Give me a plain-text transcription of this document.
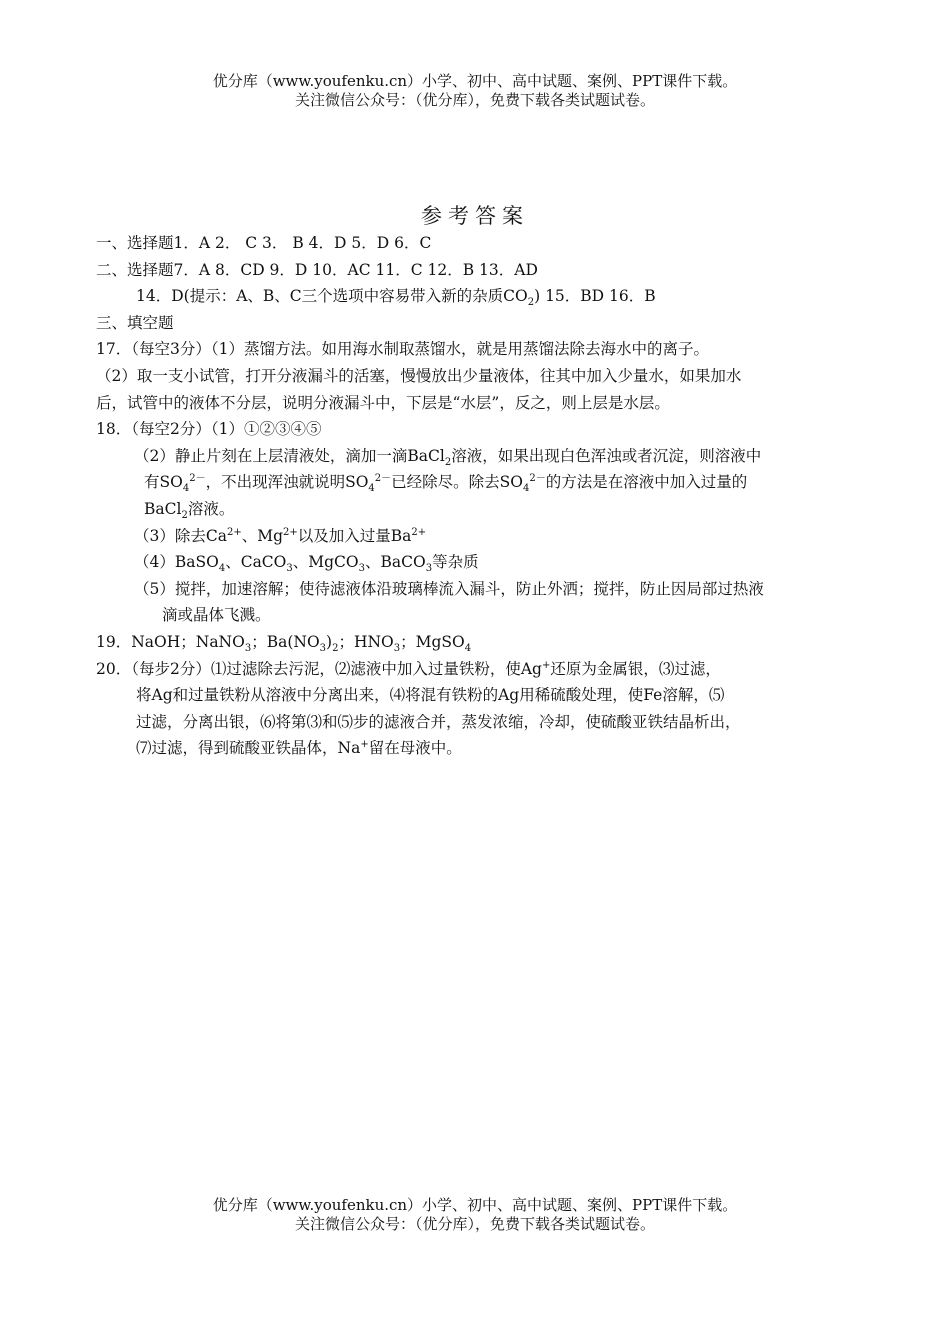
优分库（www.youfenku.cn）小学、初中、高中试题、案例、PPT课件下载。
关注微信公众号：（优分库），免费下载各类试题试卷。
参考答案
一、选择题1．A 2． C 3． B 4．D 5．D 6．C
二、选择题7．A 8．CD 9．D 10．AC 11．C 12．B 13．AD
14．D(提示：A、B、C三个选项中容易带入新的杂质$CO_2$) 15．BD 16．B
三、填空题
17．（每空3分）（1）蒸馏方法。如用海水制取蒸馏水，就是用蒸馏法除去海水中的离子。
（2）取一支小试管，打开分液漏斗的活塞，慢慢放出少量液体，往其中加入少量水，如果加水
后，试管中的液体不分层，说明分液漏斗中，下层是“水层”，反之，则上层是水层。
18．（每空2分）（1）①②③④⑤
（2）静止片刻在上层清液处，滴加一滴BaCl$_2$溶液，如果出现白色浑浊或者沉淀，则溶液中
有$SO_4^{2-}$，不出现浑浊就说明$SO_4^{2-}$已经除尽。除去$SO_4^{2-}$的方法是在溶液中加入过量的
BaCl$_2$溶液。
（3）除去$Ca^{2+}$、$Mg^{2+}$以及加入过量$Ba^{2+}$
（4）BaSO$_4$、CaCO$_3$、MgCO$_3$、BaCO$_3$等杂质
（5）搅拌，加速溶解；使待滤液体沿玻璃棒流入漏斗，防止外洒；搅拌，防止因局部过热液
滴或晶体飞溅。
19．NaOH；NaNO$_3$；$Ba(NO_3)_2$；$HNO_3$；MgSO$_4$
20．（每步2分）⑴过滤除去污泥，⑵滤液中加入过量铁粉，使Ag+还原为金属银，⑶过滤，
将Ag和过量铁粉从溶液中分离出来，⑷将混有铁粉的Ag用稀硫酸处理，使Fe溶解，⑸
过滤，分离出银，⑹将第⑶和⑸步的滤液合并，蒸发浓缩，冷却，使硫酸亚铁结晶析出，
⑺过滤，得到硫酸亚铁晶体，Na+留在母液中。
优分库（www.youfenku.cn）小学、初中、高中试题、案例、PPT课件下载。
关注微信公众号：（优分库），免费下载各类试题试卷。
